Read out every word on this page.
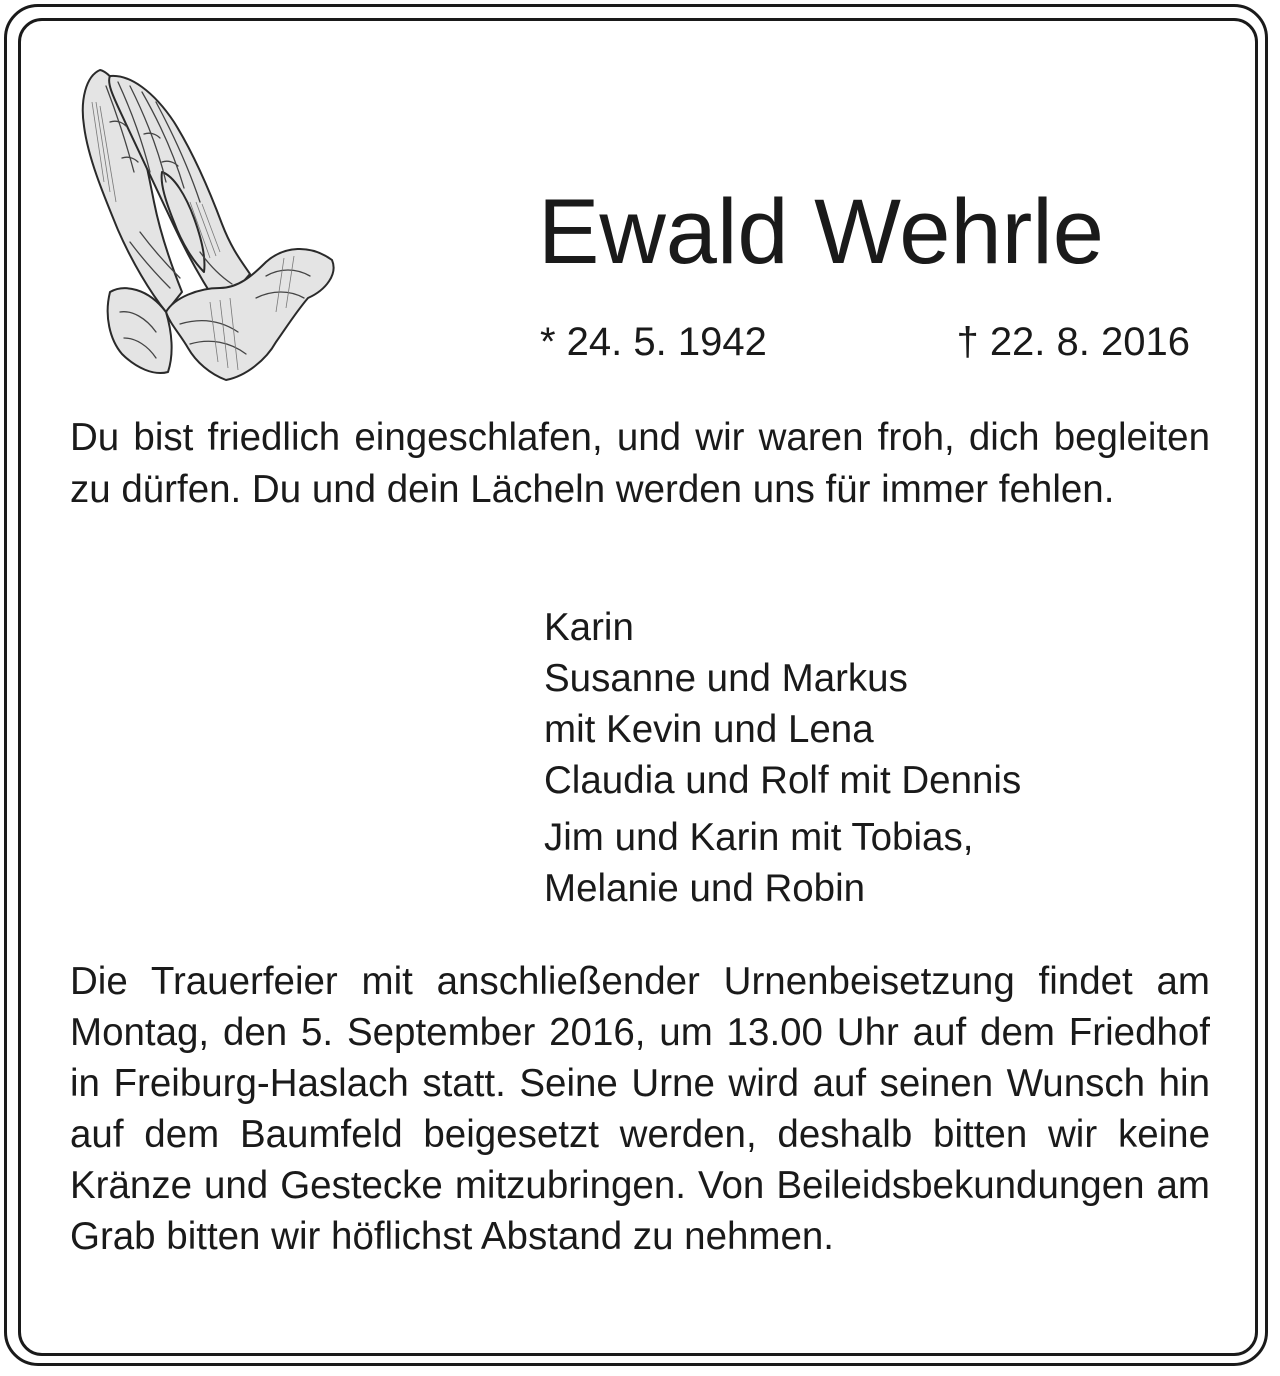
Ewald Wehrle
* 24. 5. 1942	† 22. 8. 2016

Du bist friedlich eingeschlafen, und wir waren froh, dich begleiten zu dürfen. Du und dein Lächeln werden uns für immer fehlen.

Karin
Susanne und Markus
mit Kevin und Lena
Claudia und Rolf mit Dennis
Jim und Karin mit Tobias,
Melanie und Robin

Die Trauerfeier mit anschließender Urnenbeisetzung findet am Montag, den 5. September 2016, um 13.00 Uhr auf dem Friedhof in Freiburg-Haslach statt. Seine Urne wird auf seinen Wunsch hin auf dem Baumfeld beigesetzt werden, deshalb bitten wir keine Kränze und Gestecke mitzubringen. Von Beileidsbekundungen am Grab bitten wir höflichst Abstand zu nehmen.
